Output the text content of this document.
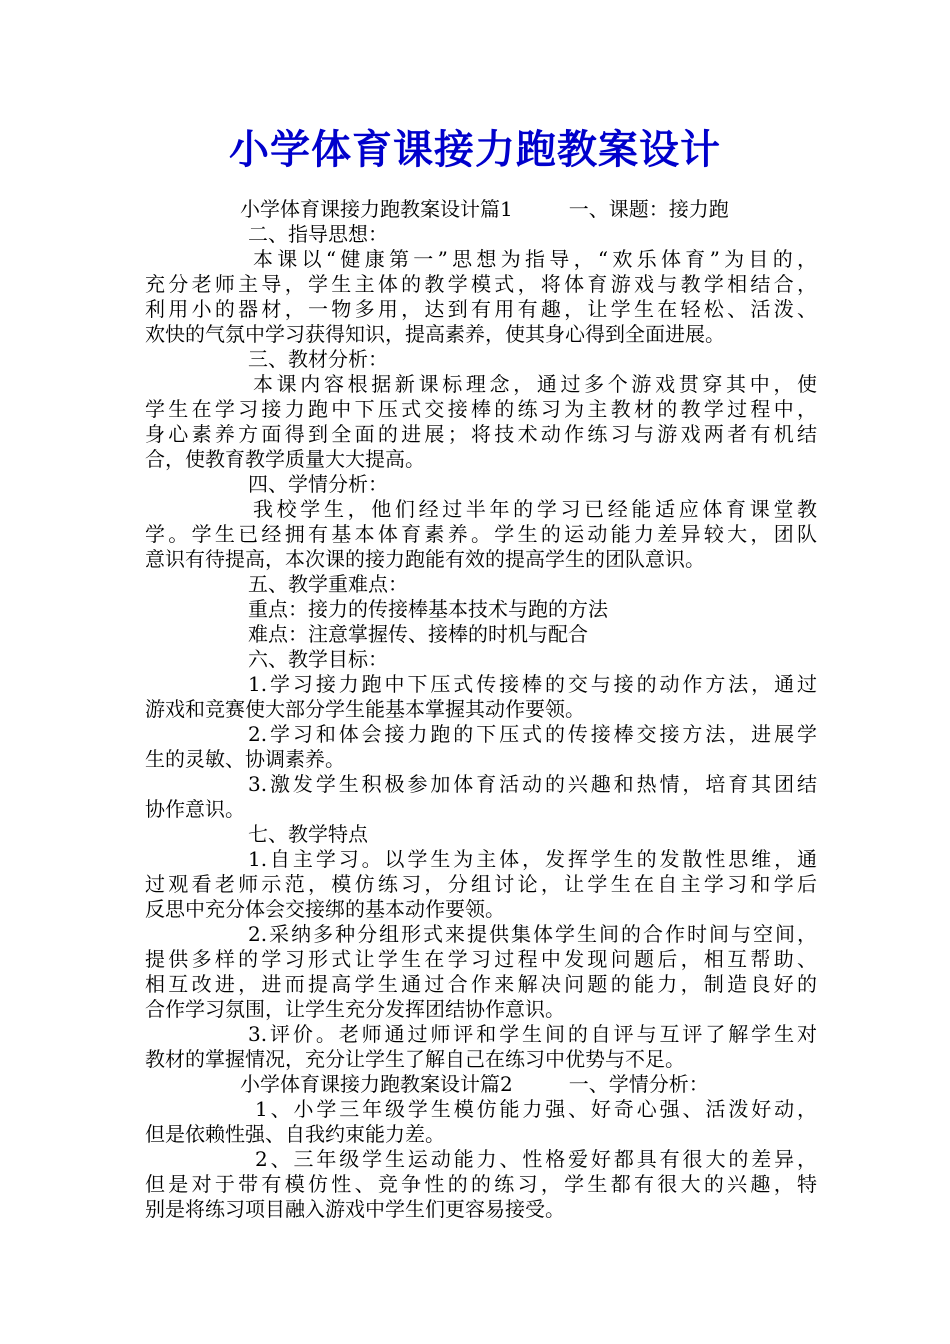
小学体育课接力跑教案设计
小学体育课接力跑教案设计篇1	一、课题：接力跑
二、指导思想：
本课以“健康第一”思想为指导，“欢乐体育”为目的，
充分老师主导，学生主体的教学模式，将体育游戏与教学相结合，
利用小的器材，一物多用，达到有用有趣，让学生在轻松、活泼、
欢快的气氛中学习获得知识，提高素养，使其身心得到全面进展。
三、教材分析：
本课内容根据新课标理念，通过多个游戏贯穿其中，使
学生在学习接力跑中下压式交接棒的练习为主教材的教学过程中，
身心素养方面得到全面的进展；将技术动作练习与游戏两者有机结
合，使教育教学质量大大提高。
四、学情分析：
我校学生，他们经过半年的学习已经能适应体育课堂教
学。学生已经拥有基本体育素养。学生的运动能力差异较大，团队
意识有待提高，本次课的接力跑能有效的提高学生的团队意识。
五、教学重难点：
重点：接力的传接棒基本技术与跑的方法
难点：注意掌握传、接棒的时机与配合
六、教学目标：
1.学习接力跑中下压式传接棒的交与接的动作方法，通过
游戏和竞赛使大部分学生能基本掌握其动作要领。
2.学习和体会接力跑的下压式的传接棒交接方法，进展学
生的灵敏、协调素养。
3.激发学生积极参加体育活动的兴趣和热情，培育其团结
协作意识。
七、教学特点
1.自主学习。以学生为主体，发挥学生的发散性思维，通
过观看老师示范，模仿练习，分组讨论，让学生在自主学习和学后
反思中充分体会交接绑的基本动作要领。
2.采纳多种分组形式来提供集体学生间的合作时间与空间，
提供多样的学习形式让学生在学习过程中发现问题后，相互帮助、
相互改进，进而提高学生通过合作来解决问题的能力，制造良好的
合作学习氛围，让学生充分发挥团结协作意识。
3.评价。老师通过师评和学生间的自评与互评了解学生对
教材的掌握情况，充分让学生了解自己在练习中优势与不足。
小学体育课接力跑教案设计篇2	一、学情分析：
1、小学三年级学生模仿能力强、好奇心强、活泼好动，
但是依赖性强、自我约束能力差。
2、三年级学生运动能力、性格爱好都具有很大的差异，
但是对于带有模仿性、竞争性的的练习，学生都有很大的兴趣，特
别是将练习项目融入游戏中学生们更容易接受。
